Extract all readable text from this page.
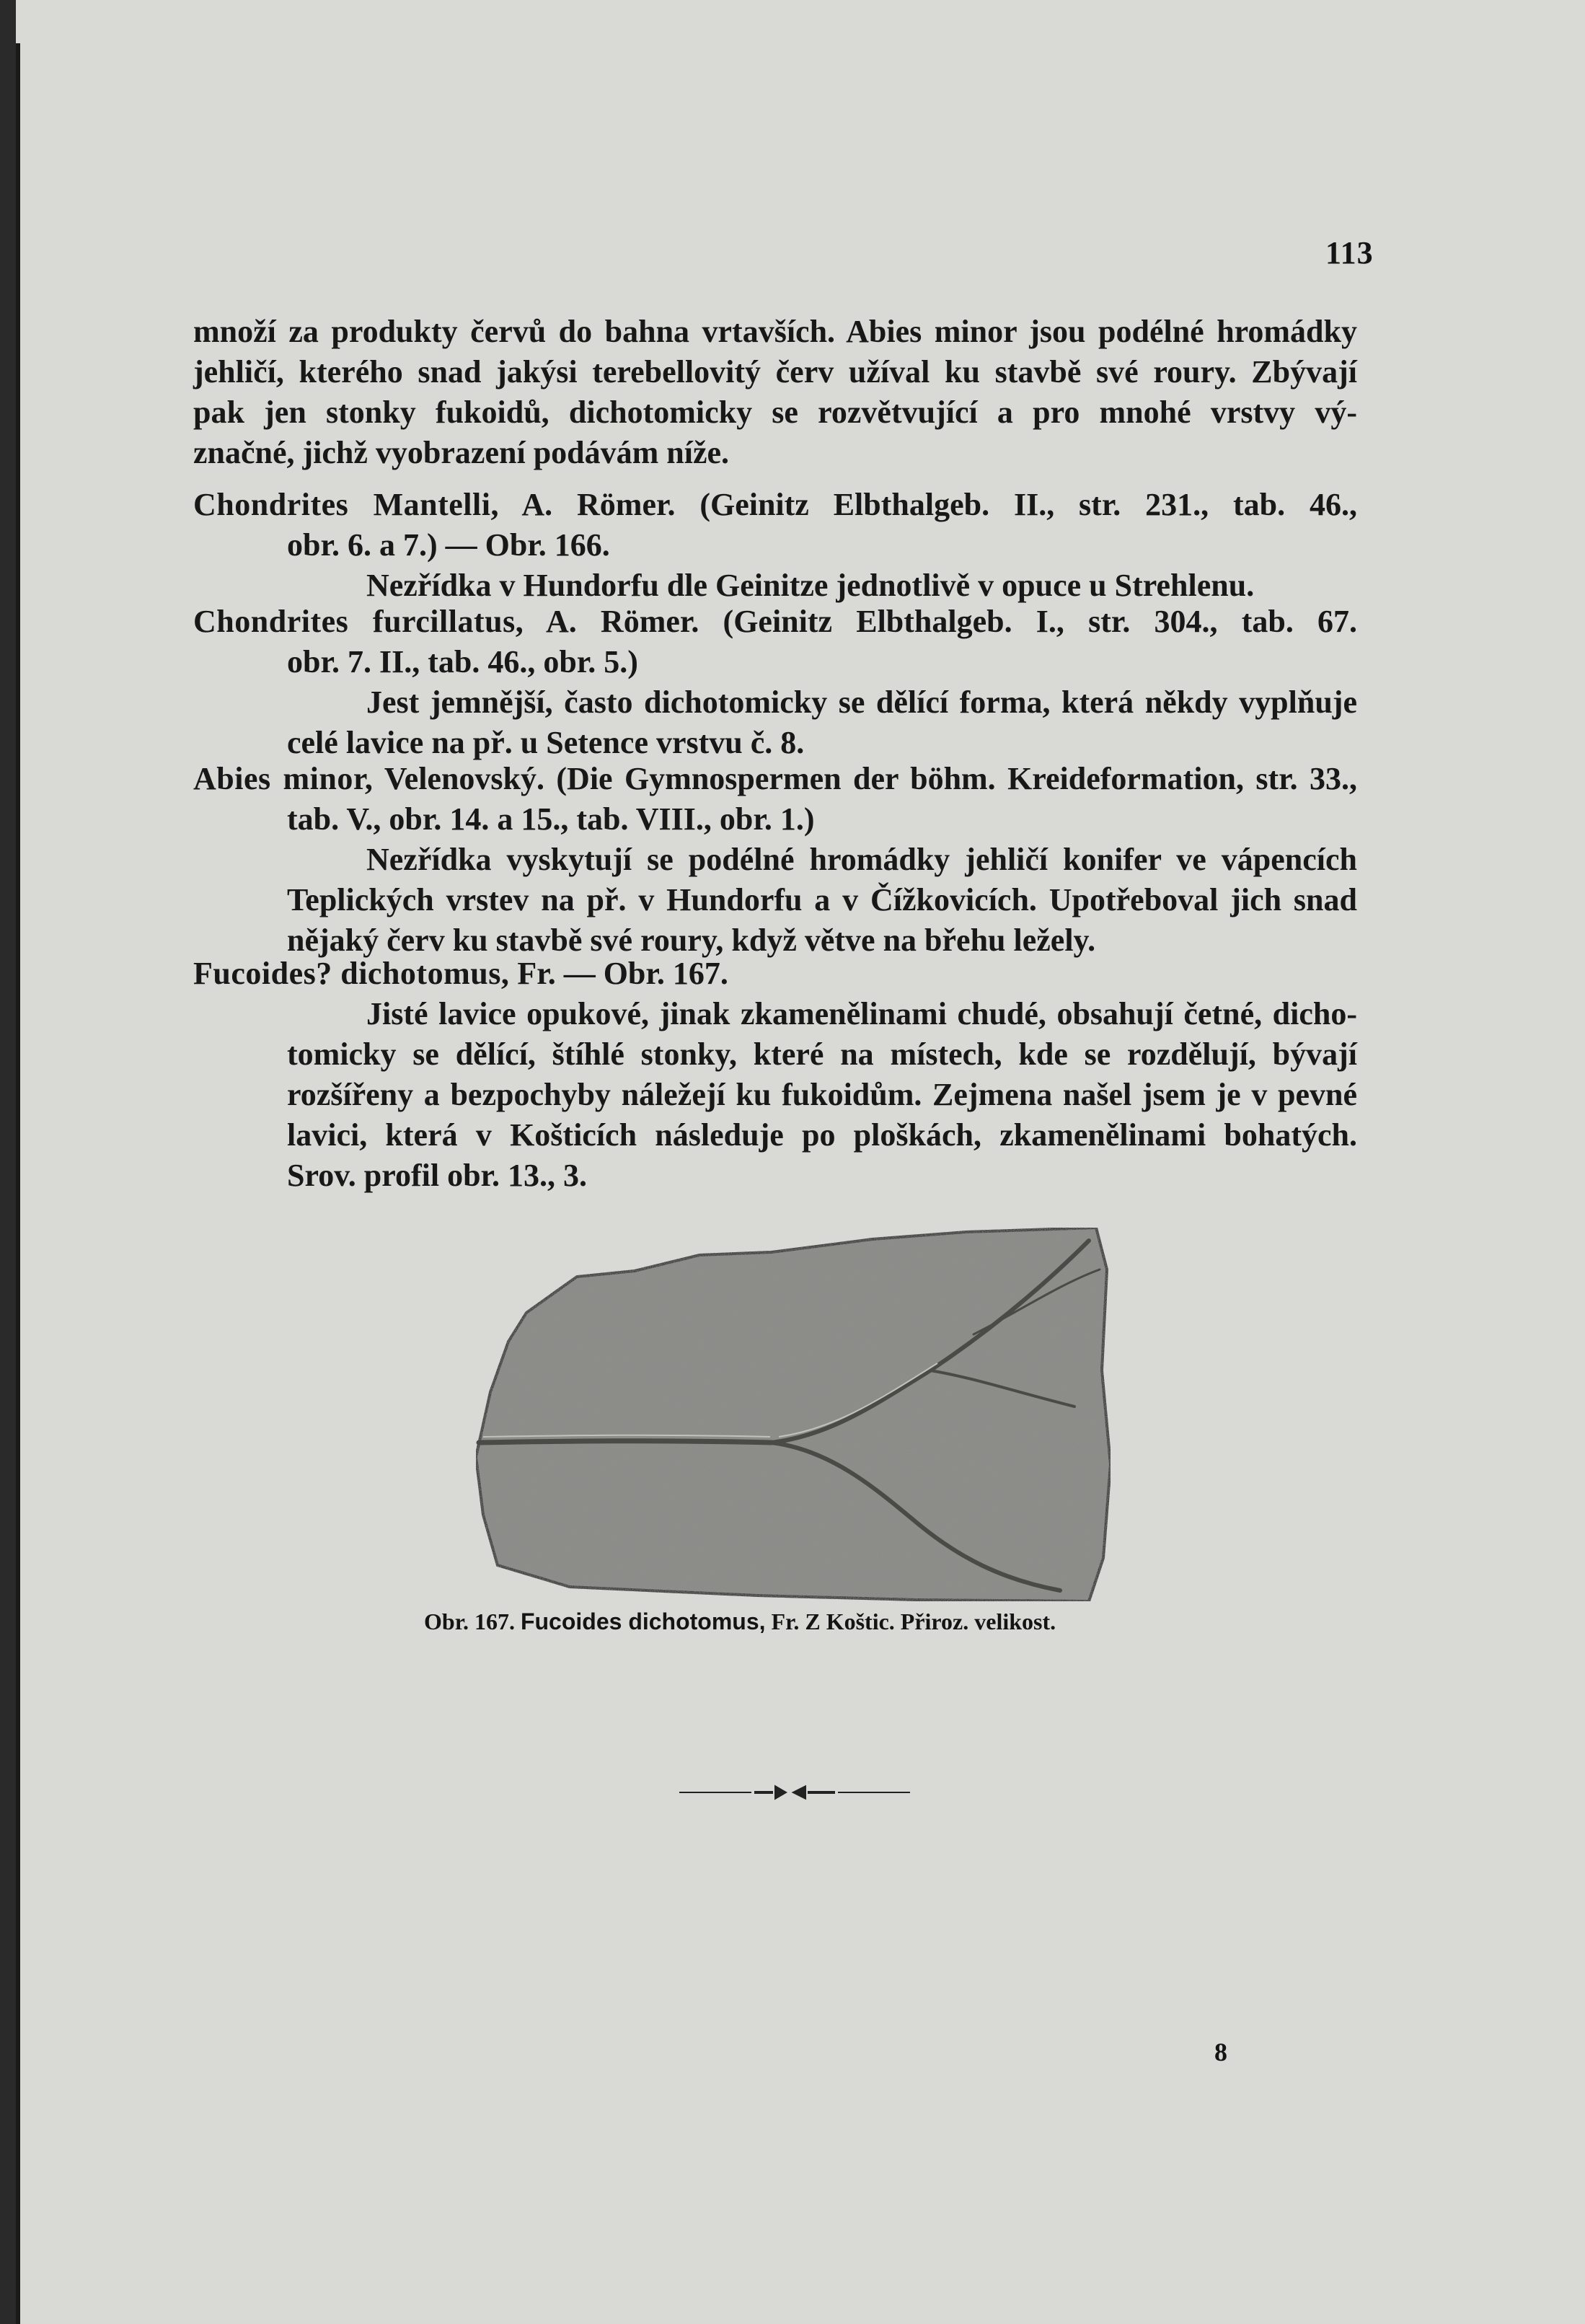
113
množí za produkty červů do bahna vrtavších. Abies minor jsou podélné hromádky
jehličí, kterého snad jakýsi terebellovitý červ užíval ku stavbě své roury. Zbývají
pak jen stonky fukoidů, dichotomicky se rozvětvující a pro mnohé vrstvy vý-
značné, jichž vyobrazení podávám níže.
Chondrites Mantelli, A. Römer. (Geinitz Elbthalgeb. II., str. 231., tab. 46.,
obr. 6. a 7.) — Obr. 166.
Nezřídka v Hundorfu dle Geinitze jednotlivě v opuce u Strehlenu.
Chondrites furcillatus, A. Römer. (Geinitz Elbthalgeb. I., str. 304., tab. 67.
obr. 7. II., tab. 46., obr. 5.)
Jest jemnější, často dichotomicky se dělící forma, která někdy vyplňuje
celé lavice na př. u Setence vrstvu č. 8.
Abies minor, Velenovský. (Die Gymnospermen der böhm. Kreideformation, str. 33.,
tab. V., obr. 14. a 15., tab. VIII., obr. 1.)
Nezřídka vyskytují se podélné hromádky jehličí konifer ve vápencích
Teplických vrstev na př. v Hundorfu a v Čížkovicích. Upotřeboval jich snad
nějaký červ ku stavbě své roury, když větve na břehu ležely.
Fucoides? dichotomus, Fr. — Obr. 167.
Jisté lavice opukové, jinak zkamenělinami chudé, obsahují četné, dicho-
tomicky se dělící, štíhlé stonky, které na místech, kde se rozdělují, bývají
rozšířeny a bezpochyby náležejí ku fukoidům. Zejmena našel jsem je v pevné
lavici, která v Košticích následuje po ploškách, zkamenělinami bohatých.
Srov. profil obr. 13., 3.
Obr. 167. Fucoides dichotomus, Fr. Z Koštic. Přiroz. velikost.
8
